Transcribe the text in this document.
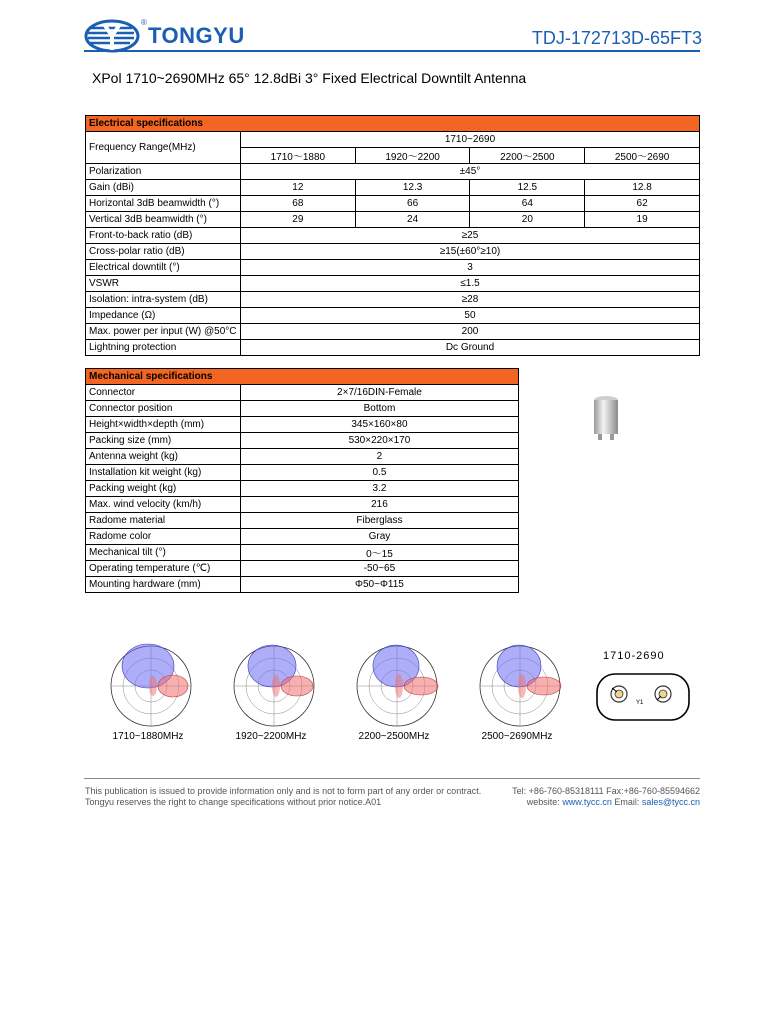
®
TONGYU	TDJ-172713D-65FT3
XPol 1710~2690MHz 65° 12.8dBi 3° Fixed Electrical Downtilt Antenna
Electrical specifications				
Frequency Range(MHz)	1710~2690			
	1710～1880	1920～2200	2200～2500	2500～2690
Polarization	±45°			
Gain (dBi)	12	12.3	12.5	12.8
Horizontal 3dB beamwidth (°)	68	66	64	62
Vertical 3dB beamwidth (°)	29	24	20	19
Front-to-back ratio (dB)	≥25			
Cross-polar ratio (dB)	≥15(±60°≥10)			
Electrical downtilt (°)	3			
VSWR	≤1.5			
Isolation: intra-system (dB)	≥28			
Impedance (Ω)	50			
Max. power per input (W) @50°C	200			
Lightning protection	Dc Ground			
Mechanical specifications	
Connector	2×7/16DIN-Female
Connector position	Bottom
Height×width×depth (mm)	345×160×80
Packing size (mm)	530×220×170
Antenna weight (kg)	2
Installation kit weight (kg)	0.5
Packing weight (kg)	3.2
Max. wind velocity (km/h)	216
Radome material	Fiberglass
Radome color	Gray
Mechanical tilt (°)	0～15
Operating temperature (℃)	-50~65
Mounting hardware (mm)	Φ50~Φ115
1710~1880MHz	1920~2200MHz	2200~2500MHz	2500~2690MHz
1710-2690
Y1
This publication is issued to provide information only and is not to form part of any order or contract.
Tongyu reserves the right to change specifications without prior notice.A01
Tel: +86-760-85318111 Fax:+86-760-85594662
website: www.tycc.cn Email: sales@tycc.cn
